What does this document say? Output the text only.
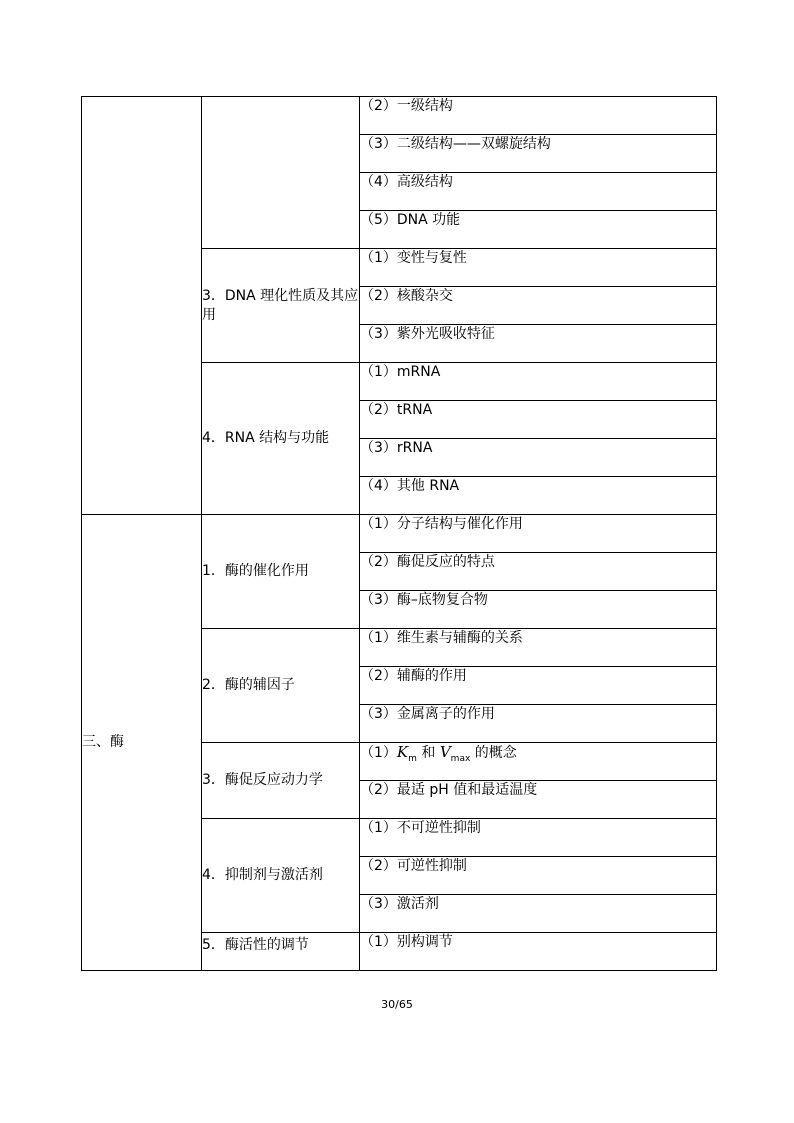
		（2）一级结构
		（3）二级结构——双螺旋结构
		（4）高级结构
		（5）DNA 功能
	3．DNA 理化性质及其应用	（1）变性与复性
		（2）核酸杂交
		（3）紫外光吸收特征
	4．RNA 结构与功能	（1）mRNA
		（2）tRNA
		（3）rRNA
		（4）其他 RNA
三、酶	1．酶的催化作用	（1）分子结构与催化作用
		（2）酶促反应的特点
		（3）酶–底物复合物
	2．酶的辅因子	（1）维生素与辅酶的关系
		（2）辅酶的作用
		（3）金属离子的作用
	3．酶促反应动力学	$(1)K_m$ 和 $V_{max}$ 的概念
		（2）最适 pH 值和最适温度
	4．抑制剂与激活剂	（1）不可逆性抑制
		（2）可逆性抑制
		（3）激活剂
	5．酶活性的调节	（1）别构调节
30/65
